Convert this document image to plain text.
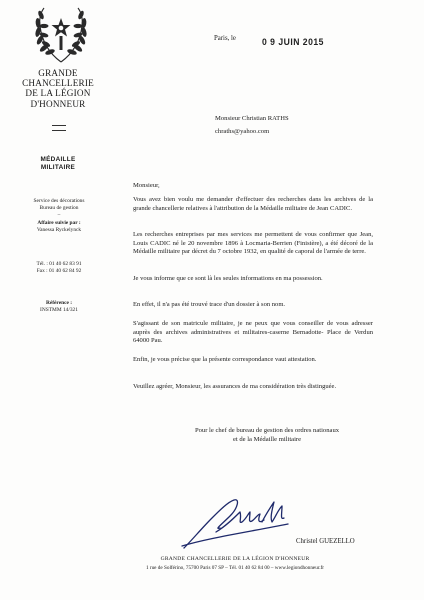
GRANDE
CHANCELLERIE
DE LA LÉGION
D'HONNEUR
MÉDAILLE
MILITAIRE
Service des décorations
Bureau de gestion
–
Affaire suivie par :
Vanessa Ryckelynck
Tél. : 01 40 62 83 91
Fax : 01 40 62 84 92
Référence :
INSTMM 14/321
Paris, le	0 9 JUIN 2015
Monsieur Christian RATHS
chraths@yahoo.com
Monsieur,
Vous avez bien voulu me demander d'effectuer des recherches dans les archives de la grande chancellerie relatives à l'attribution de la Médaille militaire de Jean CADIC.
Les recherches entreprises par mes services me permettent de vous confirmer que Jean, Louis CADIC né le 20 novembre 1896 à Locmaria-Berrien (Finistère), a été décoré de la Médaille militaire par décret du 7 octobre 1932, en qualité de caporal de l'armée de terre.
Je vous informe que ce sont là les seules informations en ma possession.
En effet, il n'a pas été trouvé trace d'un dossier à son nom.
S'agissant de son matricule militaire, je ne peux que vous conseiller de vous adresser auprès des archives administratives et militaires-caserne Bernadotte- Place de Verdun 64000 Pau.
Enfin, je vous précise que la présente correspondance vaut attestation.
Veuillez agréer, Monsieur, les assurances de ma considération très distinguée.
Pour le chef de bureau de gestion des ordres nationaux
et de la Médaille militaire
Christel GUEZELLO
GRANDE CHANCELLERIE DE LA LÉGION D'HONNEUR
1 rue de Solférino, 75700 Paris 07 SP – Tél. 01 40 62 84 00 – www.legiondhonneur.fr
